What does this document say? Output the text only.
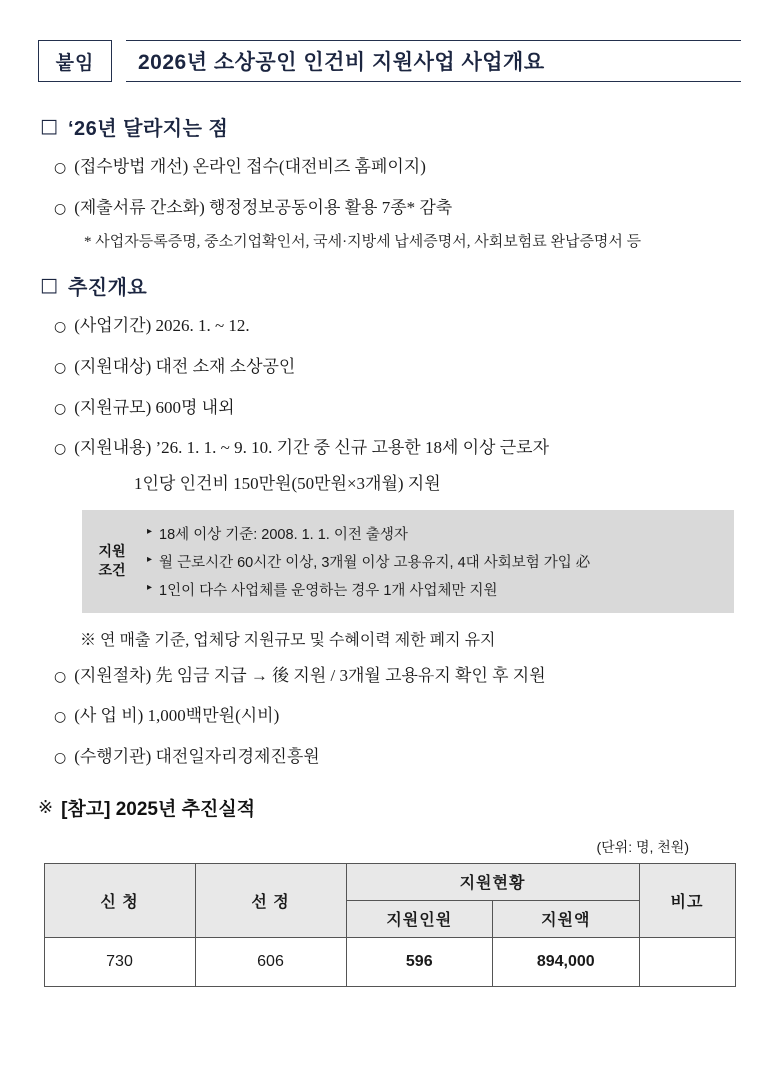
붙임	2026년 소상공인 인건비 지원사업 사업개요
□ ‘26년 달라지는 점
○ (접수방법 개선) 온라인 접수(대전비즈 홈페이지)
○ (제출서류 간소화) 행정정보공동이용 활용 7종* 감축
* 사업자등록증명, 중소기업확인서, 국세·지방세 납세증명서, 사회보험료 완납증명서 등
□ 추진개요
○ (사업기간) 2026. 1. ~ 12.
○ (지원대상) 대전 소재 소상공인
○ (지원규모) 600명 내외
○ (지원내용) ’26. 1. 1. ~ 9. 10. 기간 중 신규 고용한 18세 이상 근로자
1인당 인건비 150만원(50만원×3개월) 지원
지원
조건
▸ 18세 이상 기준: 2008. 1. 1. 이전 출생자
▸ 월 근로시간 60시간 이상, 3개월 이상 고용유지, 4대 사회보험 가입 必
▸ 1인이 다수 사업체를 운영하는 경우 1개 사업체만 지원
※ 연 매출 기준, 업체당 지원규모 및 수혜이력 제한 폐지 유지
○ (지원절차) 先 임금 지급 → 後 지원 / 3개월 고용유지 확인 후 지원
○ (사 업 비) 1,000백만원(시비)
○ (수행기관) 대전일자리경제진흥원
※ [참고] 2025년 추진실적
(단위: 명, 천원)
신 청	선 정	지원현황		비고
		지원인원	지원액	
730	606	596	894,000	
